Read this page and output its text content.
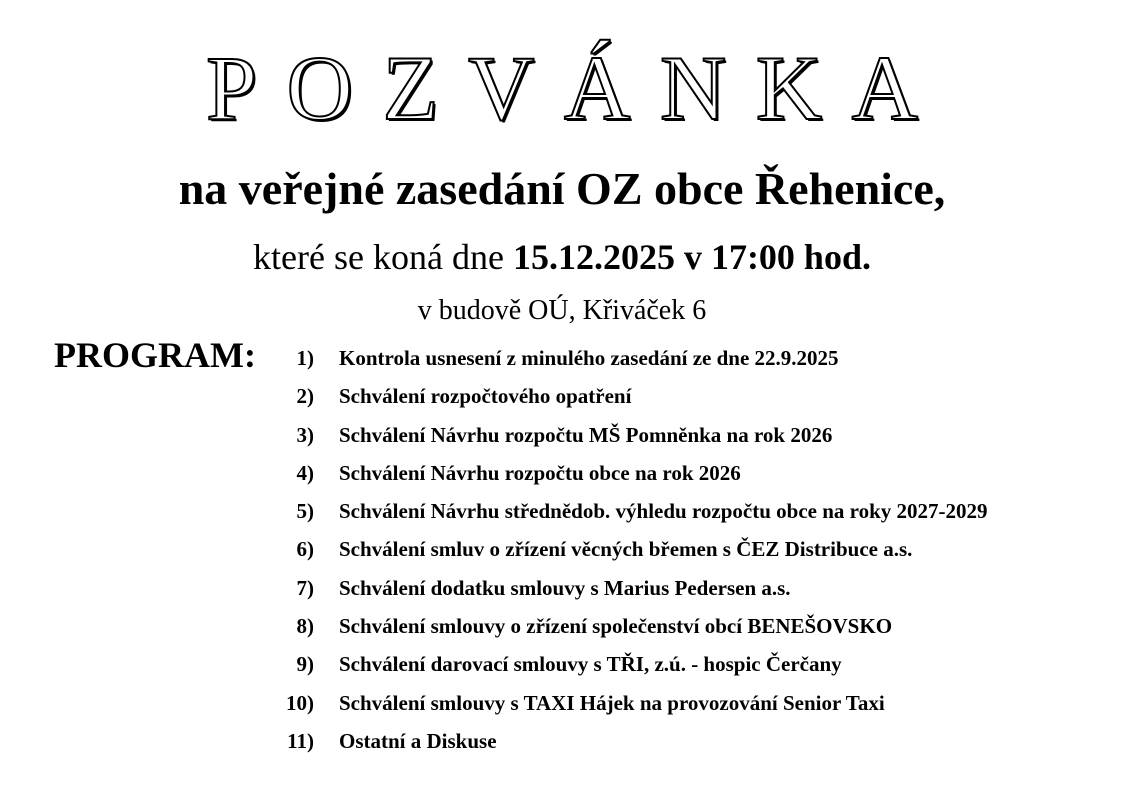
POZVÁNKA
na veřejné zasedání OZ obce Řehenice,
které se koná dne 15.12.2025 v 17:00 hod.
v budově OÚ, Křiváček 6
PROGRAM:	1) Kontrola usnesení z minulého zasedání ze dne 22.9.2025
2) Schválení rozpočtového opatření
3) Schválení Návrhu rozpočtu MŠ Pomněnka na rok 2026
4) Schválení Návrhu rozpočtu obce na rok 2026
5) Schválení Návrhu střednědob. výhledu rozpočtu obce na roky 2027-2029
6) Schválení smluv o zřízení věcných břemen s ČEZ Distribuce a.s.
7) Schválení dodatku smlouvy s Marius Pedersen a.s.
8) Schválení smlouvy o zřízení společenství obcí BENEŠOVSKO
9) Schválení darovací smlouvy s TŘI, z.ú. - hospic Čerčany
10) Schválení smlouvy s TAXI Hájek na provozování Senior Taxi
11) Ostatní a Diskuse
